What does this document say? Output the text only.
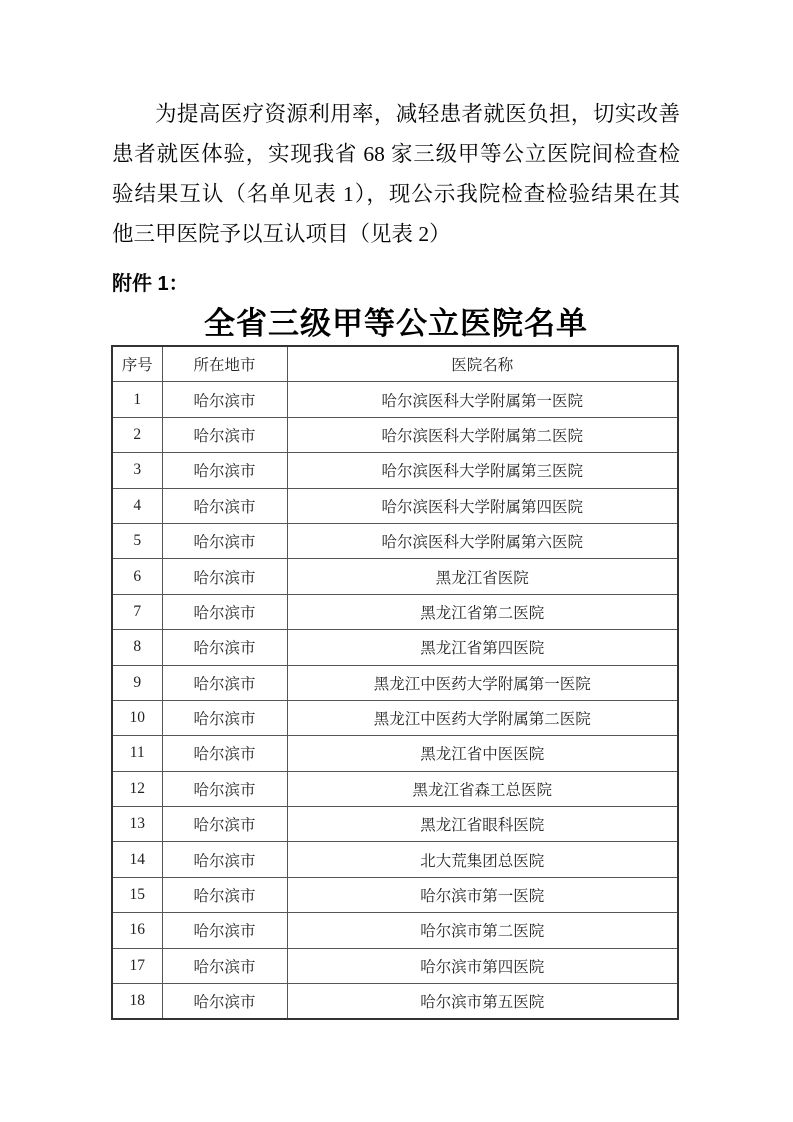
为提高医疗资源利用率，减轻患者就医负担，切实改善
患者就医体验，实现我省 68 家三级甲等公立医院间检查检
验结果互认（名单见表 1），现公示我院检查检验结果在其
他三甲医院予以互认项目（见表 2）
附件 1：
全省三级甲等公立医院名单
序号	所在地市	医院名称
1	哈尔滨市	哈尔滨医科大学附属第一医院
2	哈尔滨市	哈尔滨医科大学附属第二医院
3	哈尔滨市	哈尔滨医科大学附属第三医院
4	哈尔滨市	哈尔滨医科大学附属第四医院
5	哈尔滨市	哈尔滨医科大学附属第六医院
6	哈尔滨市	黑龙江省医院
7	哈尔滨市	黑龙江省第二医院
8	哈尔滨市	黑龙江省第四医院
9	哈尔滨市	黑龙江中医药大学附属第一医院
10	哈尔滨市	黑龙江中医药大学附属第二医院
11	哈尔滨市	黑龙江省中医医院
12	哈尔滨市	黑龙江省森工总医院
13	哈尔滨市	黑龙江省眼科医院
14	哈尔滨市	北大荒集团总医院
15	哈尔滨市	哈尔滨市第一医院
16	哈尔滨市	哈尔滨市第二医院
17	哈尔滨市	哈尔滨市第四医院
18	哈尔滨市	哈尔滨市第五医院
